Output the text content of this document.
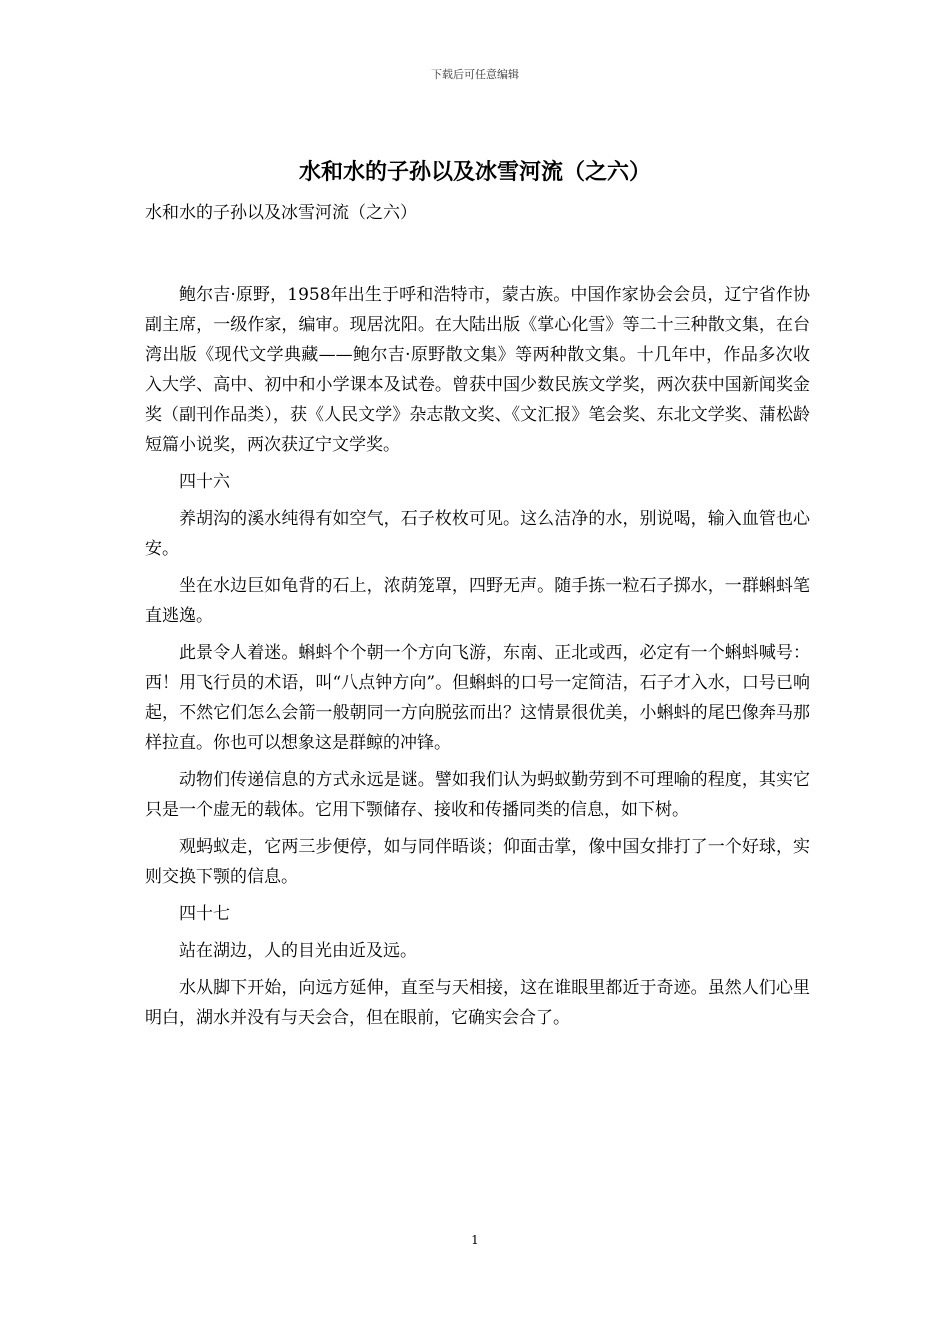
下载后可任意编辑
水和水的子孙以及冰雪河流（之六）

水和水的子孙以及冰雪河流（之六）

鲍尔吉·原野，1958年出生于呼和浩特市，蒙古族。中国作家协会会员，辽宁省作协副主席，一级作家，编审。现居沈阳。在大陆出版《掌心化雪》等二十三种散文集，在台湾出版《现代文学典藏——鲍尔吉·原野散文集》等两种散文集。十几年中，作品多次收入大学、高中、初中和小学课本及试卷。曾获中国少数民族文学奖，两次获中国新闻奖金奖（副刊作品类），获《人民文学》杂志散文奖、《文汇报》笔会奖、东北文学奖、蒲松龄短篇小说奖，两次获辽宁文学奖。

四十六

养胡沟的溪水纯得有如空气，石子枚枚可见。这么洁净的水，别说喝，输入血管也心安。

坐在水边巨如龟背的石上，浓荫笼罩，四野无声。随手拣一粒石子掷水，一群蝌蚪笔直逃逸。

此景令人着迷。蝌蚪个个朝一个方向飞游，东南、正北或西，必定有一个蝌蚪喊号：西！用飞行员的术语，叫“八点钟方向”。但蝌蚪的口号一定简洁，石子才入水，口号已响起，不然它们怎么会箭一般朝同一方向脱弦而出？这情景很优美，小蝌蚪的尾巴像奔马那样拉直。你也可以想象这是群鲸的冲锋。

动物们传递信息的方式永远是谜。譬如我们认为蚂蚁勤劳到不可理喻的程度，其实它只是一个虚无的载体。它用下颚储存、接收和传播同类的信息，如下树。

观蚂蚁走，它两三步便停，如与同伴晤谈；仰面击掌，像中国女排打了一个好球，实则交换下颚的信息。

四十七

站在湖边，人的目光由近及远。

水从脚下开始，向远方延伸，直至与天相接，这在谁眼里都近于奇迹。虽然人们心里明白，湖水并没有与天会合，但在眼前，它确实会合了。

1
